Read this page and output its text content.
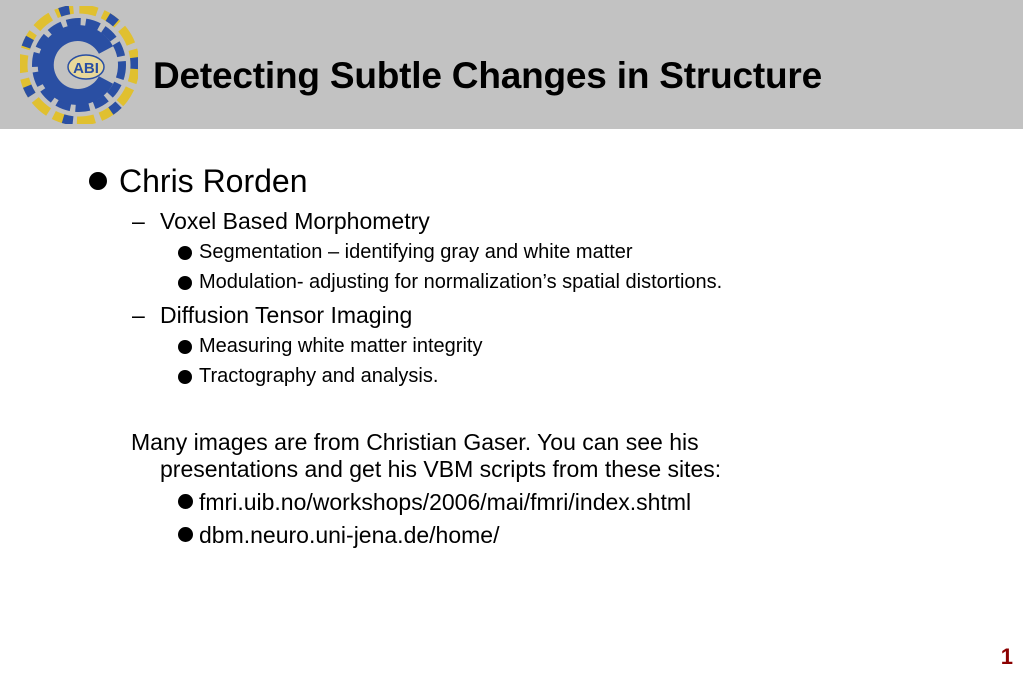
ABI Detecting Subtle Changes in Structure
Chris Rorden
– Voxel Based Morphometry
Segmentation – identifying gray and white matter
Modulation- adjusting for normalization’s spatial distortions.
– Diffusion Tensor Imaging
Measuring white matter integrity
Tractography and analysis.
Many images are from Christian Gaser. You can see his
presentations and get his VBM scripts from these sites:
fmri.uib.no/workshops/2006/mai/fmri/index.shtml
dbm.neuro.uni-jena.de/home/
1
